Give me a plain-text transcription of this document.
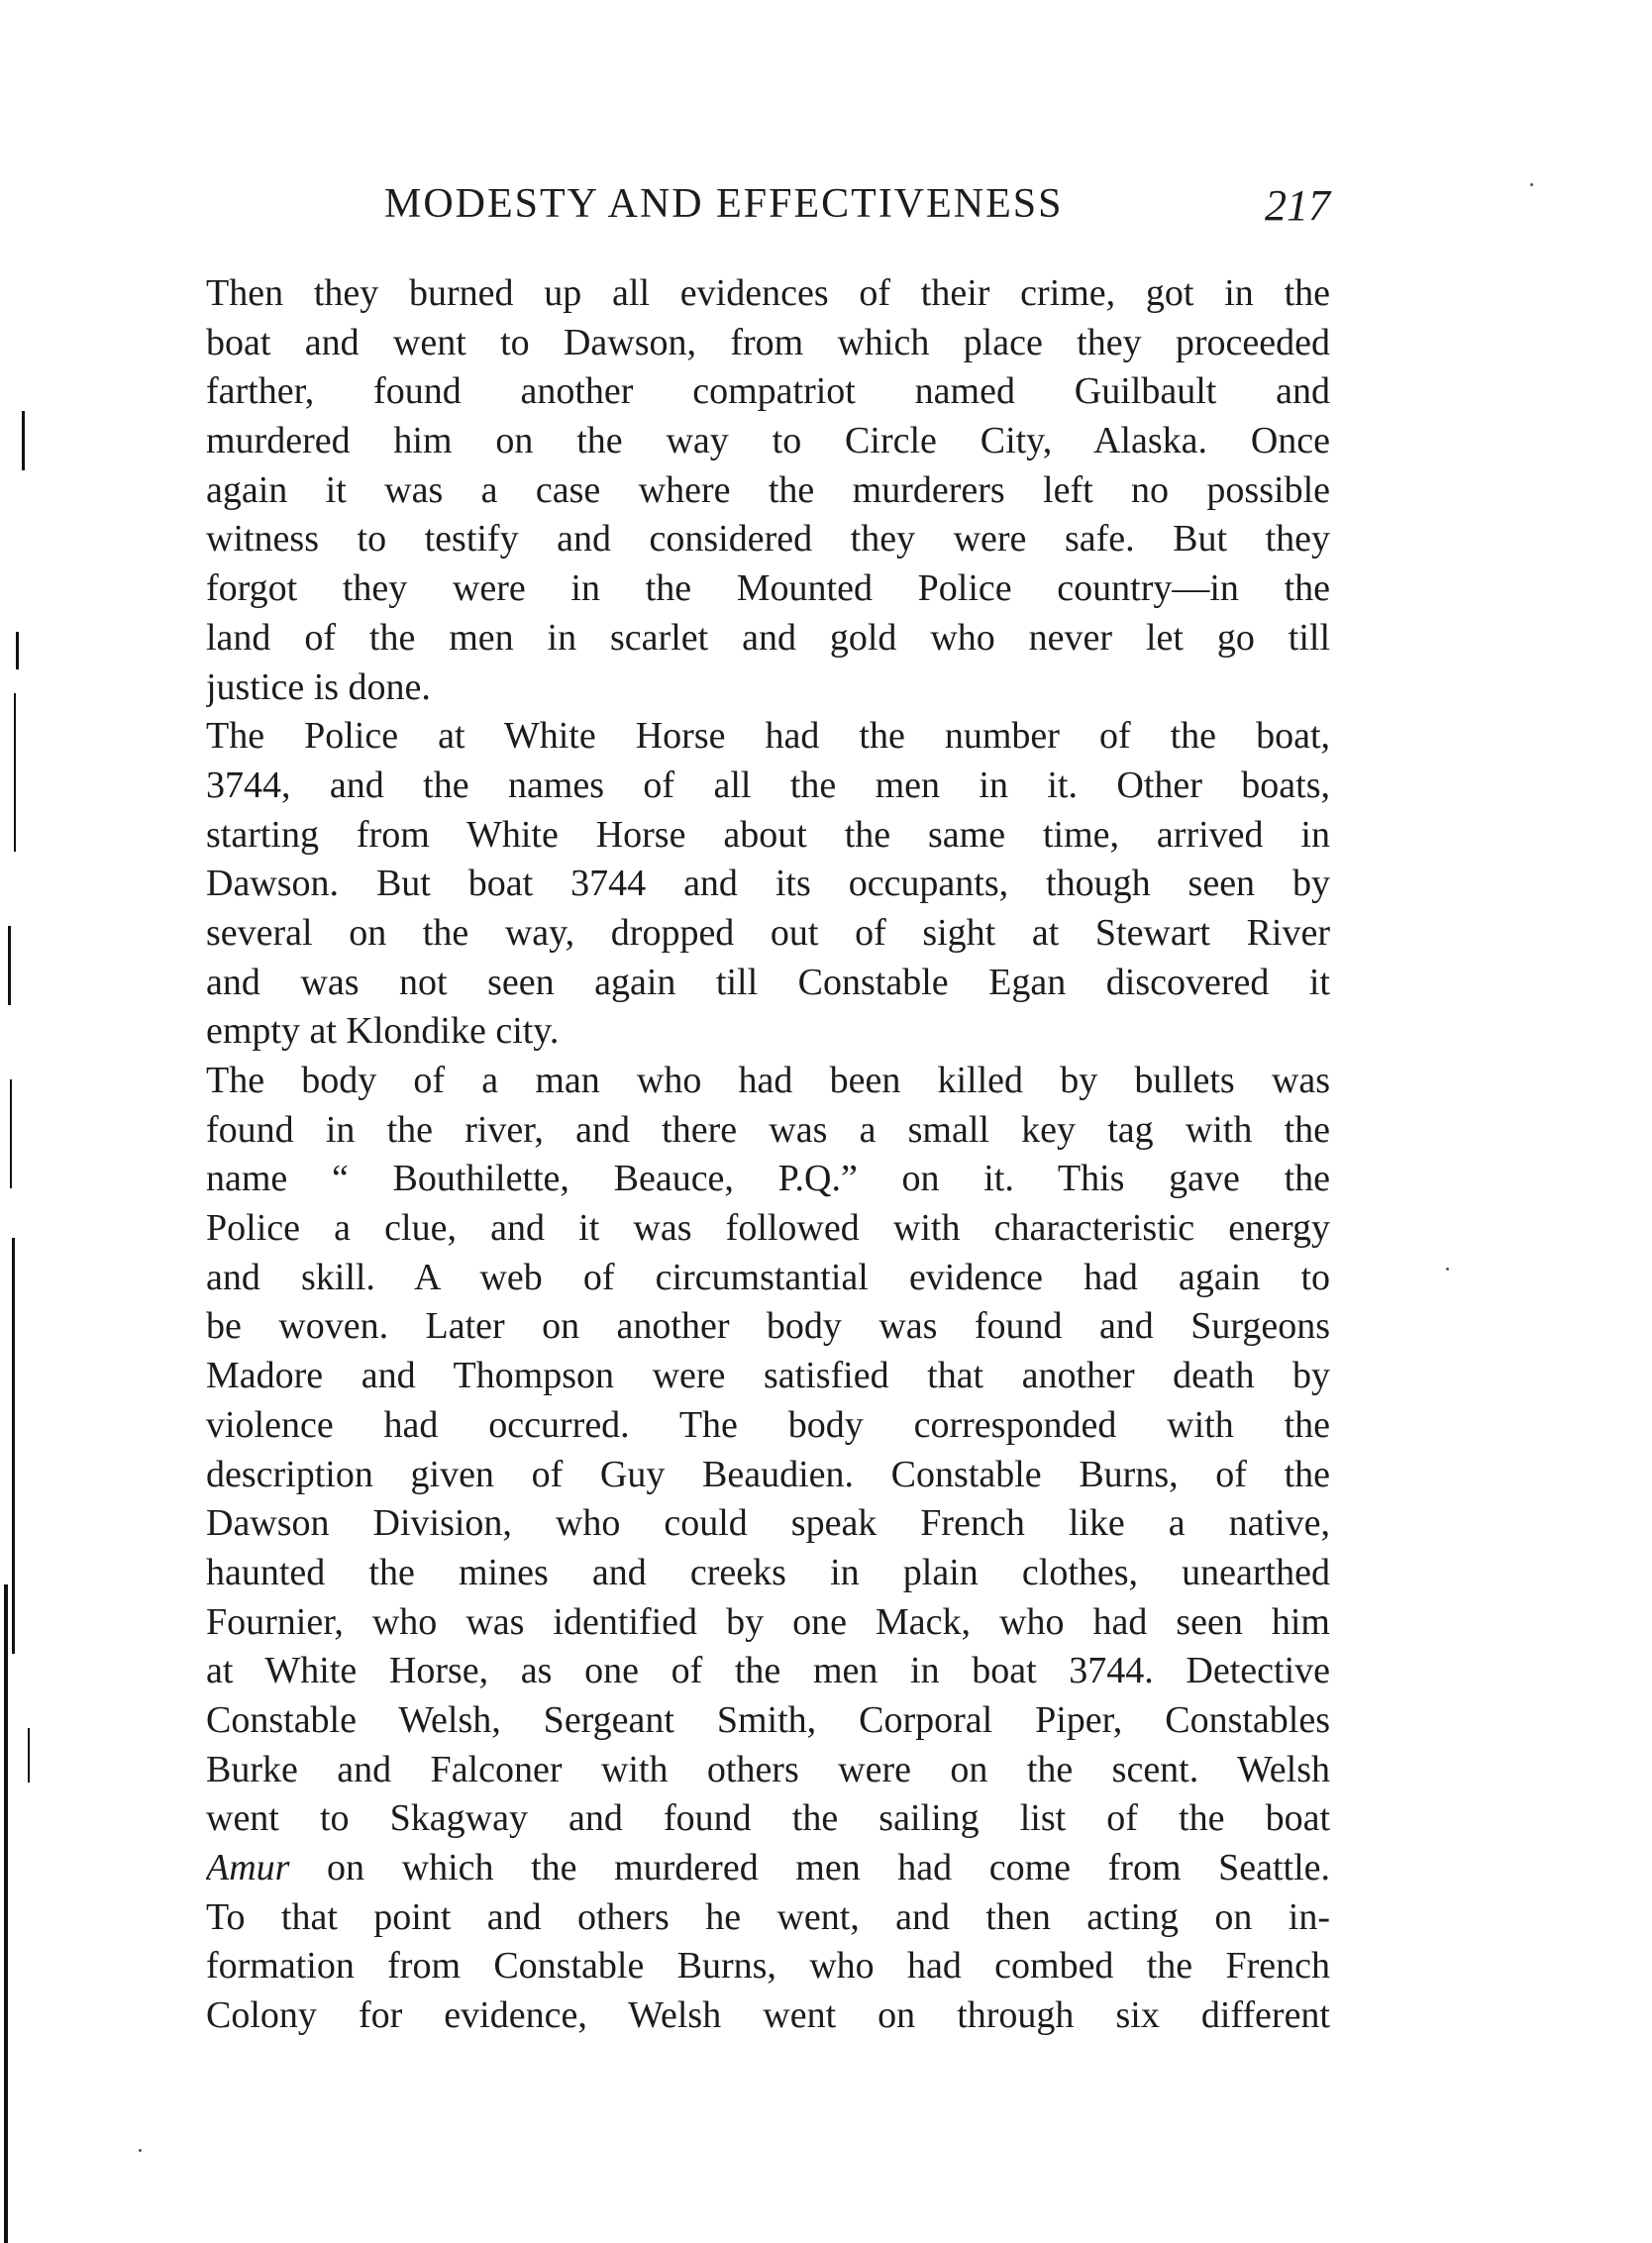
MODESTY AND EFFECTIVENESS	217
Then they burned up all evidences of their crime, got in the
boat and went to Dawson, from which place they proceeded
farther, found another compatriot named Guilbault and
murdered him on the way to Circle City, Alaska. Once
again it was a case where the murderers left no possible
witness to testify and considered they were safe. But they
forgot they were in the Mounted Police country—in the
land of the men in scarlet and gold who never let go till
justice is done.
The Police at White Horse had the number of the boat,
3744, and the names of all the men in it. Other boats,
starting from White Horse about the same time, arrived in
Dawson. But boat 3744 and its occupants, though seen by
several on the way, dropped out of sight at Stewart River
and was not seen again till Constable Egan discovered it
empty at Klondike city.
The body of a man who had been killed by bullets was
found in the river, and there was a small key tag with the
name “ Bouthilette, Beauce, P.Q.” on it. This gave the
Police a clue, and it was followed with characteristic energy
and skill. A web of circumstantial evidence had again to
be woven. Later on another body was found and Surgeons
Madore and Thompson were satisfied that another death by
violence had occurred. The body corresponded with the
description given of Guy Beaudien. Constable Burns, of the
Dawson Division, who could speak French like a native,
haunted the mines and creeks in plain clothes, unearthed
Fournier, who was identified by one Mack, who had seen him
at White Horse, as one of the men in boat 3744. Detective
Constable Welsh, Sergeant Smith, Corporal Piper, Constables
Burke and Falconer with others were on the scent. Welsh
went to Skagway and found the sailing list of the boat
Amur on which the murdered men had come from Seattle.
To that point and others he went, and then acting on in-
formation from Constable Burns, who had combed the French
Colony for evidence, Welsh went on through six different
